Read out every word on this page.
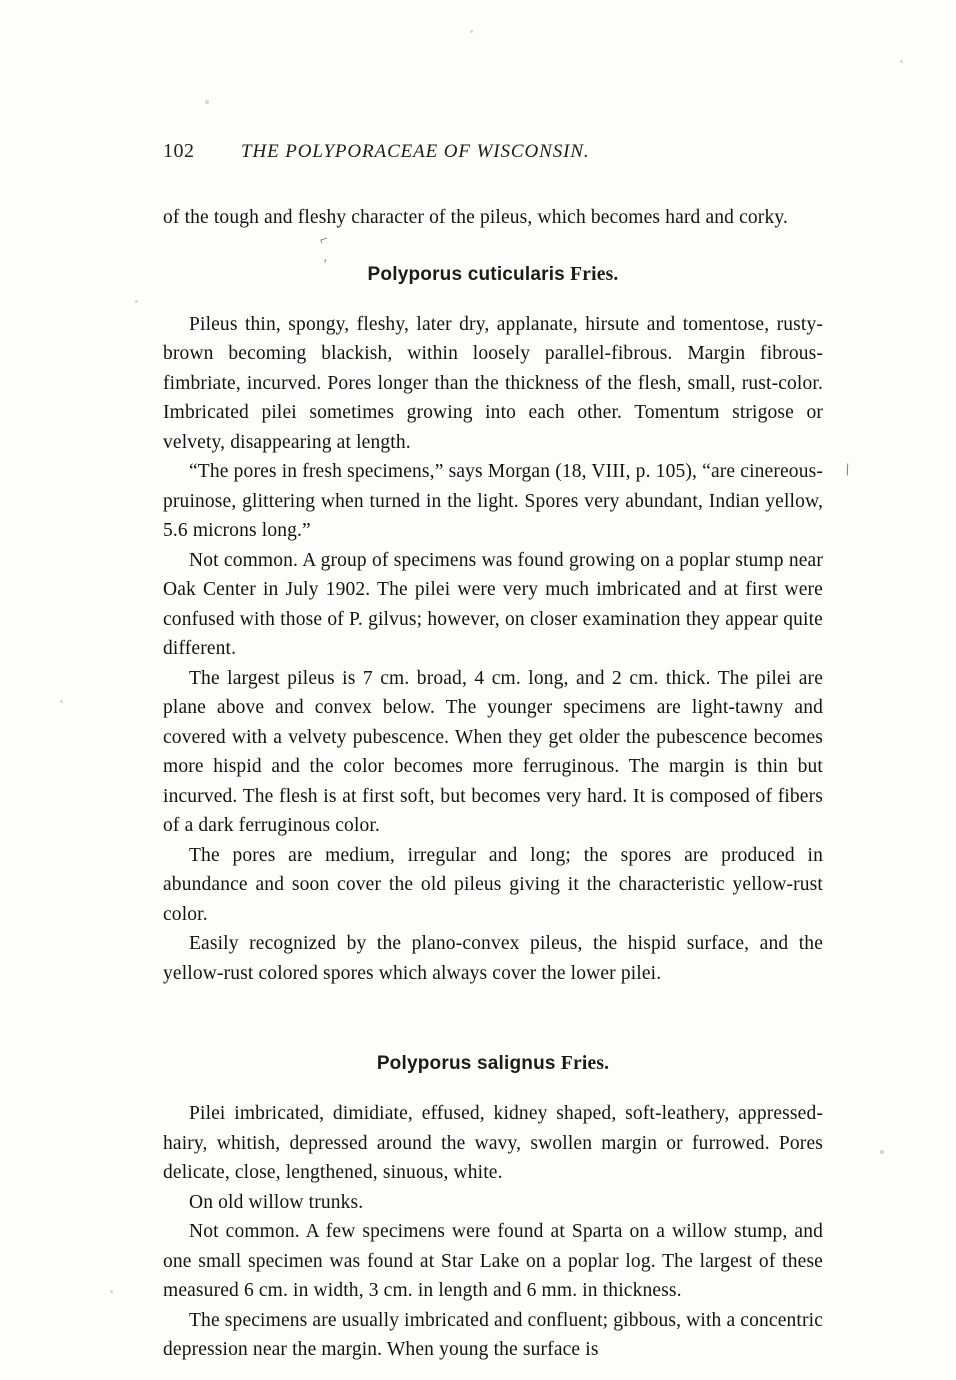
⌐
’
\
102	THE POLYPORACEAE OF WISCONSIN.

of the tough and fleshy character of the pileus, which becomes hard and corky.

Polyporus cuticularis Fries.

Pileus thin, spongy, fleshy, later dry, applanate, hirsute and tomentose, rusty-brown becoming blackish, within loosely parallel-fibrous. Margin fibrous-fimbriate, incurved. Pores longer than the thickness of the flesh, small, rust-color. Imbricated pilei sometimes growing into each other. Tomentum strigose or velvety, disappearing at length.

“The pores in fresh specimens,” says Morgan (18, VIII, p. 105), “are cinereous-pruinose, glittering when turned in the light. Spores very abundant, Indian yellow, 5.6 microns long.”

Not common. A group of specimens was found growing on a poplar stump near Oak Center in July 1902. The pilei were very much imbricated and at first were confused with those of P. gilvus; however, on closer examination they appear quite different.

The largest pileus is 7 cm. broad, 4 cm. long, and 2 cm. thick. The pilei are plane above and convex below. The younger specimens are light-tawny and covered with a velvety pubescence. When they get older the pubescence becomes more hispid and the color becomes more ferruginous. The margin is thin but incurved. The flesh is at first soft, but becomes very hard. It is composed of fibers of a dark ferruginous color.

The pores are medium, irregular and long; the spores are produced in abundance and soon cover the old pileus giving it the characteristic yellow-rust color.

Easily recognized by the plano-convex pileus, the hispid surface, and the yellow-rust colored spores which always cover the lower pilei.

Polyporus salignus Fries.

Pilei imbricated, dimidiate, effused, kidney shaped, soft-leathery, appressed-hairy, whitish, depressed around the wavy, swollen margin or furrowed. Pores delicate, close, lengthened, sinuous, white.

On old willow trunks.

Not common. A few specimens were found at Sparta on a willow stump, and one small specimen was found at Star Lake on a poplar log. The largest of these measured 6 cm. in width, 3 cm. in length and 6 mm. in thickness.

The specimens are usually imbricated and confluent; gibbous, with a concentric depression near the margin. When young the surface is
